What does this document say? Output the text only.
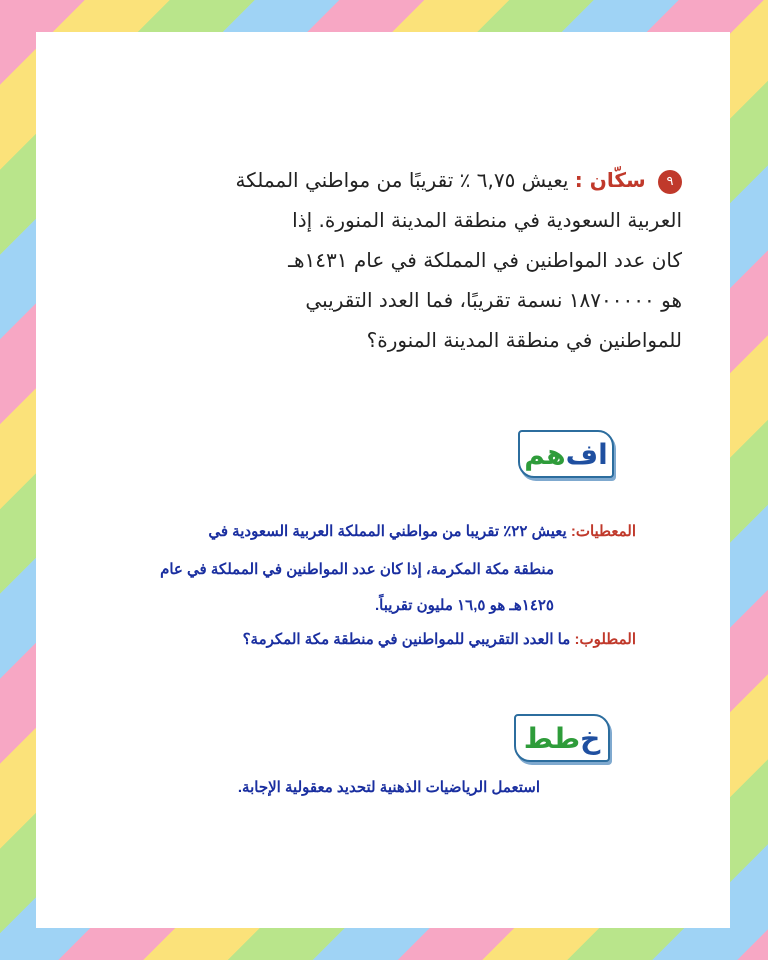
٩ سكّان : يعيش ٦,٧٥ ٪ تقريبًا من مواطني المملكة
العربية السعودية في منطقة المدينة المنورة. إذا
كان عدد المواطنين في المملكة في عام ١٤٣١هـ
هو ١٨٧٠٠٠٠٠ نسمة تقريبًا، فما العدد التقريبي
للمواطنين في منطقة المدينة المنورة؟
اف
هم
المعطيات: يعيش ٢٢٪ تقريبا من مواطني المملكة العربية السعودية في
منطقة مكة المكرمة، إذا كان عدد المواطنين في المملكة في عام
١٤٢٥هـ هو ١٦,٥ مليون تقريباً.
المطلوب: ما العدد التقريبي للمواطنين في منطقة مكة المكرمة؟
خ
طط
استعمل الرياضيات الذهنية لتحديد معقولية الإجابة.
